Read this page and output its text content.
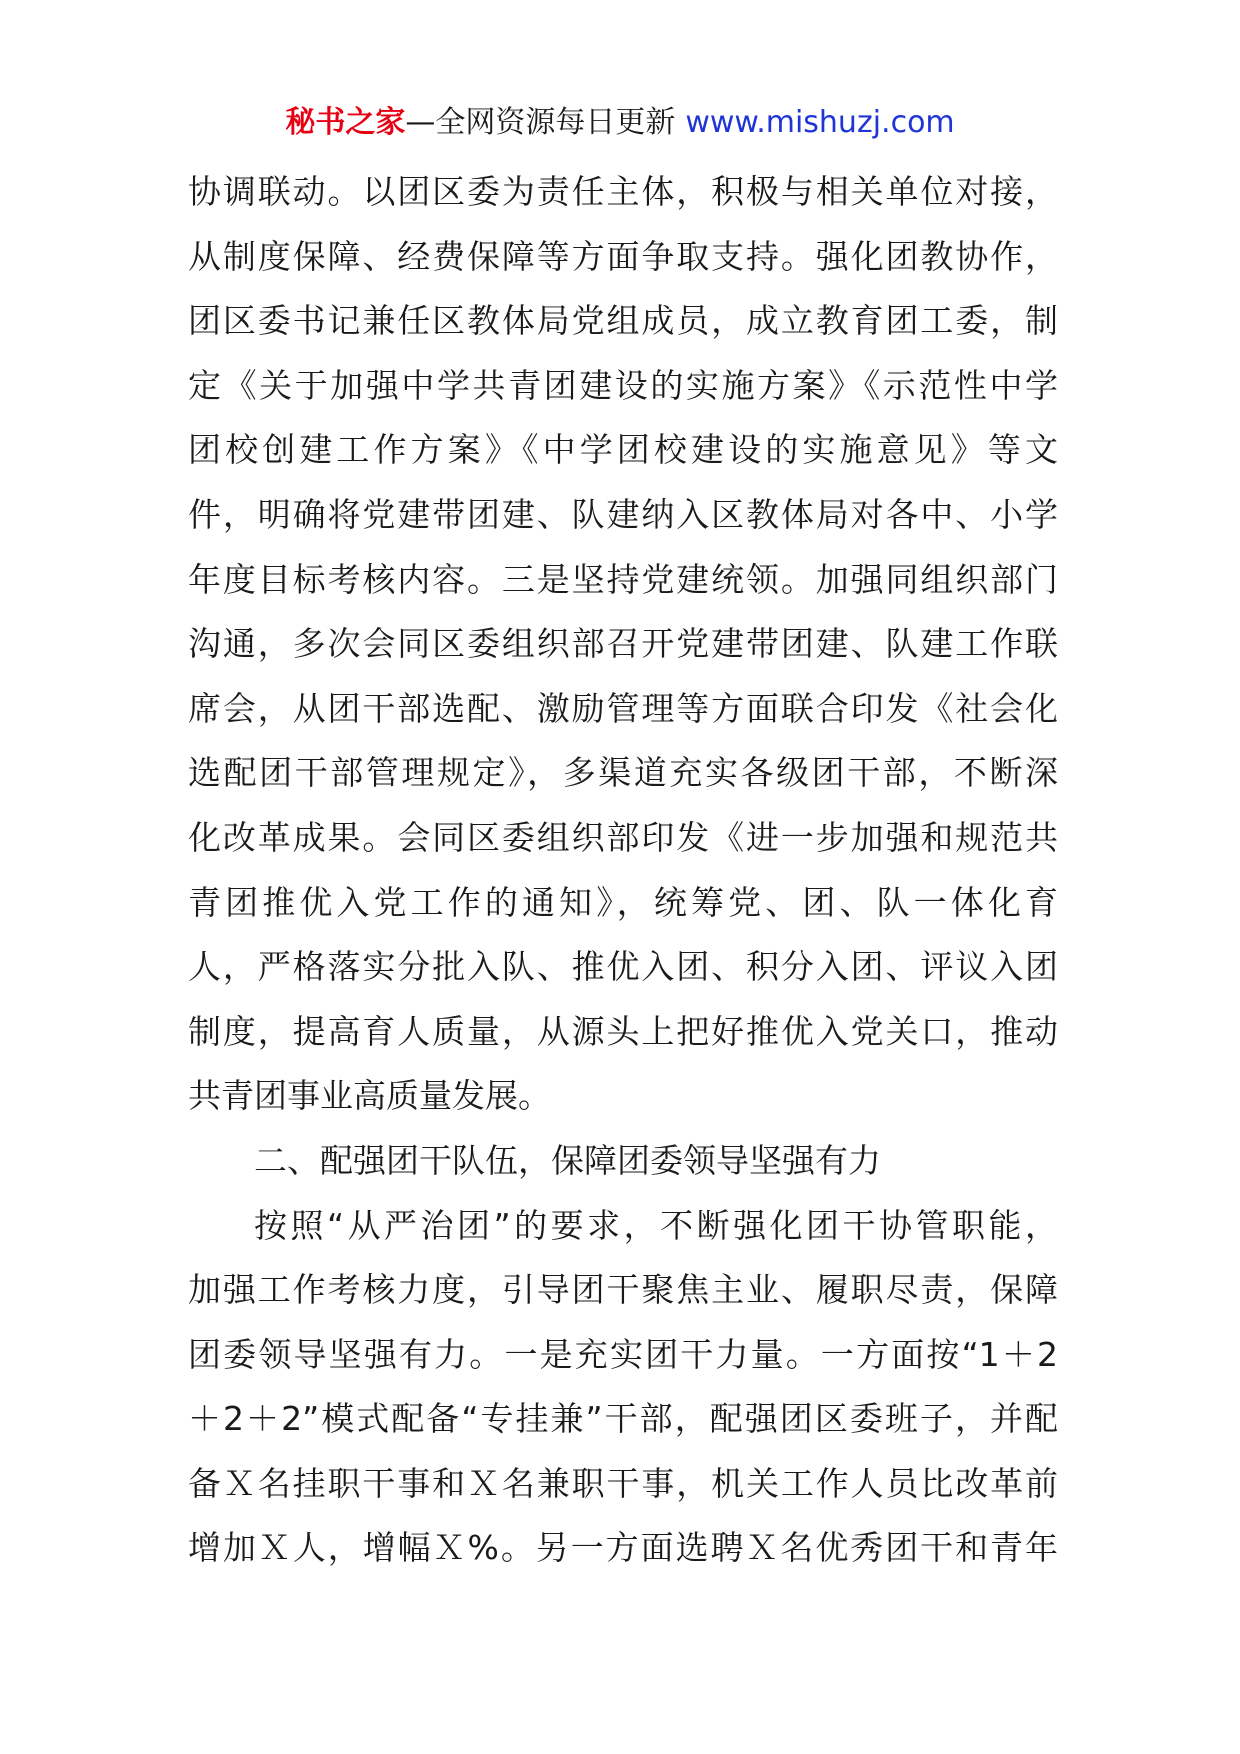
秘书之家—全网资源每日更新 www.mishuzj.com
协调联动。以团区委为责任主体，积极与相关单位对接，
从制度保障、经费保障等方面争取支持。强化团教协作，
团区委书记兼任区教体局党组成员，成立教育团工委，制
定《关于加强中学共青团建设的实施方案》《示范性中学
团校创建工作方案》《中学团校建设的实施意见》等文
件，明确将党建带团建、队建纳入区教体局对各中、小学
年度目标考核内容。三是坚持党建统领。加强同组织部门
沟通，多次会同区委组织部召开党建带团建、队建工作联
席会，从团干部选配、激励管理等方面联合印发《社会化
选配团干部管理规定》，多渠道充实各级团干部，不断深
化改革成果。会同区委组织部印发《进一步加强和规范共
青团推优入党工作的通知》，统筹党、团、队一体化育
人，严格落实分批入队、推优入团、积分入团、评议入团
制度，提高育人质量，从源头上把好推优入党关口，推动
共青团事业高质量发展。
二、配强团干队伍，保障团委领导坚强有力
按照“从严治团”的要求，不断强化团干协管职能，
加强工作考核力度，引导团干聚焦主业、履职尽责，保障
团委领导坚强有力。一是充实团干力量。一方面按“1＋2
＋2＋2”模式配备“专挂兼”干部，配强团区委班子，并配
备Ｘ名挂职干事和Ｘ名兼职干事，机关工作人员比改革前
增加Ｘ人，增幅Ｘ%。另一方面选聘Ｘ名优秀团干和青年
